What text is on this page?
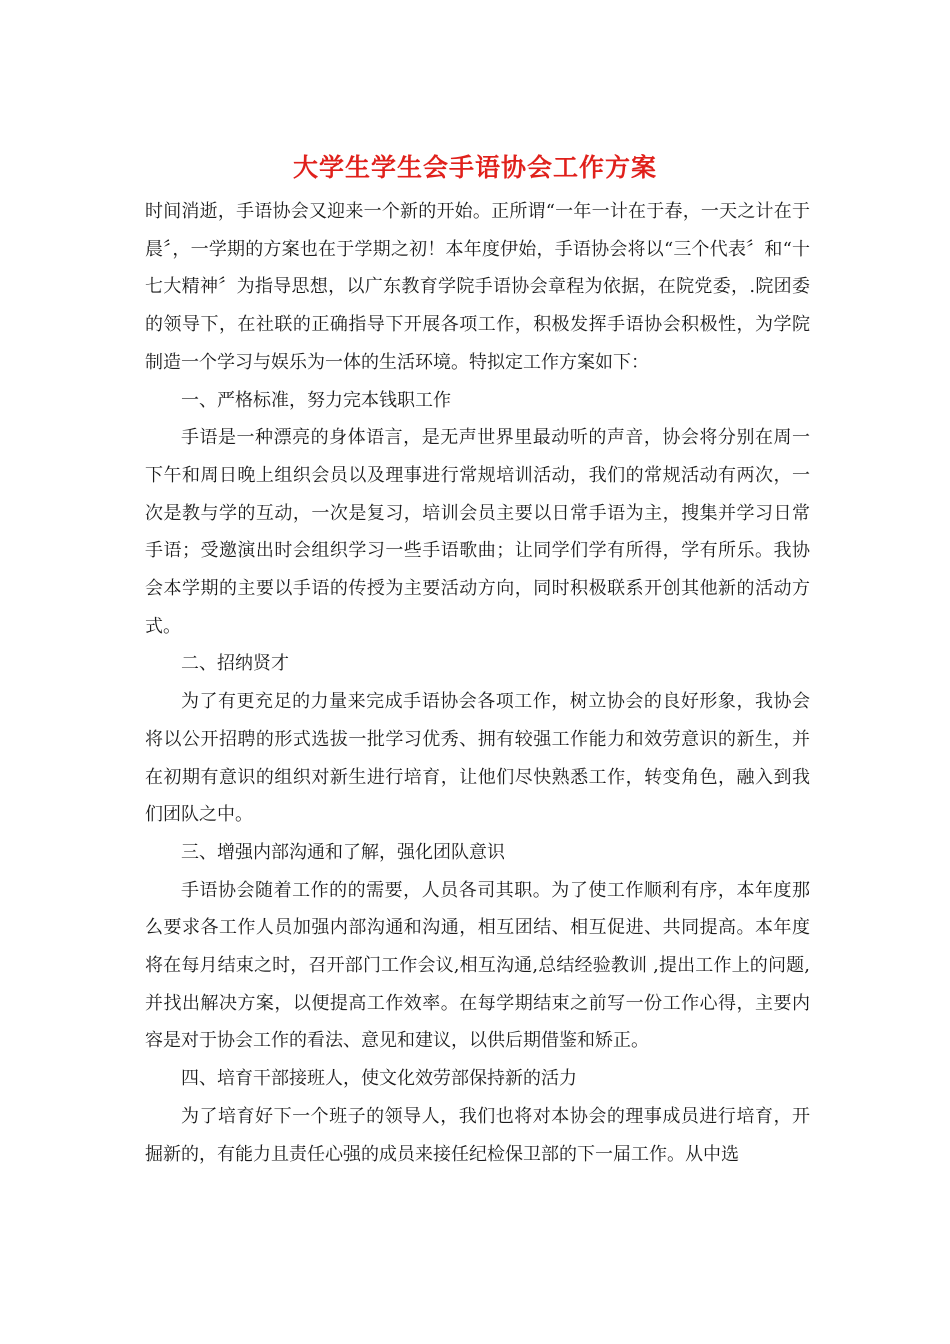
大学生学生会手语协会工作方案

时间消逝，手语协会又迎来一个新的开始。正所谓“一年一计在于春，一天之计在于晨〞，一学期的方案也在于学期之初！本年度伊始，手语协会将以“三个代表〞和“十七大精神〞为指导思想，以广东教育学院手语协会章程为依据，在院党委，.院团委的领导下，在社联的正确指导下开展各项工作，积极发挥手语协会积极性，为学院制造一个学习与娱乐为一体的生活环境。特拟定工作方案如下：

一、严格标准，努力完本钱职工作

手语是一种漂亮的身体语言，是无声世界里最动听的声音，协会将分别在周一下午和周日晚上组织会员以及理事进行常规培训活动，我们的常规活动有两次，一次是教与学的互动，一次是复习，培训会员主要以日常手语为主，搜集并学习日常手语；受邀演出时会组织学习一些手语歌曲；让同学们学有所得，学有所乐。我协会本学期的主要以手语的传授为主要活动方向，同时积极联系开创其他新的活动方式。

二、招纳贤才

为了有更充足的力量来完成手语协会各项工作，树立协会的良好形象，我协会将以公开招聘的形式选拔一批学习优秀、拥有较强工作能力和效劳意识的新生，并在初期有意识的组织对新生进行培育，让他们尽快熟悉工作，转变角色，融入到我们团队之中。

三、增强内部沟通和了解，强化团队意识

手语协会随着工作的的需要，人员各司其职。为了使工作顺利有序，本年度那么要求各工作人员加强内部沟通和沟通，相互团结、相互促进、共同提高。本年度将在每月结束之时，召开部门工作会议,相互沟通,总结经验教训 ,提出工作上的问题,并找出解决方案，以便提高工作效率。在每学期结束之前写一份工作心得，主要内容是对于协会工作的看法、意见和建议，以供后期借鉴和矫正。

四、培育干部接班人，使文化效劳部保持新的活力

为了培育好下一个班子的领导人，我们也将对本协会的理事成员进行培育，开掘新的，有能力且责任心强的成员来接任纪检保卫部的下一届工作。从中选
